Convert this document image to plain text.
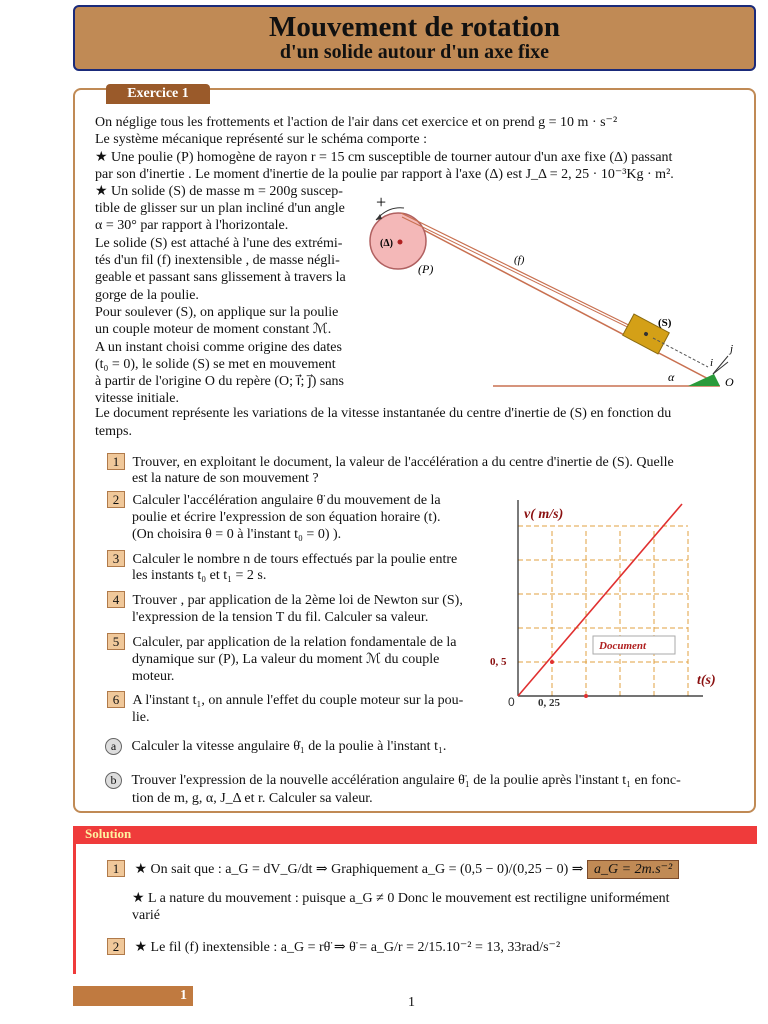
Mouvement de rotation
d'un solide autour d'un axe fixe
Exercice 1
On néglige tous les frottements et l'action de l'air dans cet exercice et on prend g = 10 m · s⁻²
Le système mécanique représenté sur le schéma comporte :
★ Une poulie (P) homogène de rayon r = 15 cm susceptible de tourner autour d'un axe fixe (Δ) passant
par son d'inertie . Le moment d'inertie de la poulie par rapport à l'axe (Δ) est J_Δ = 2, 25 · 10⁻³Kg · m².
★ Un solide (S) de masse m = 200g suscep-
tible de glisser sur un plan incliné d'un angle
α = 30° par rapport à l'horizontale.
Le solide (S) est attaché à l'une des extrémi-
tés d'un fil (f) inextensible , de masse négli-
geable et passant sans glissement à travers la
gorge de la poulie.
Pour soulever (S), on applique sur la poulie
un couple moteur de moment constant ℳ.
A un instant choisi comme origine des dates
(t₀ = 0), le solide (S) se met en mouvement
à partir de l'origine O du repère (O; i⃗; j⃗) sans
vitesse initiale.
+
(Δ)
(P)
(f)
(S)
α	O
i⃗
j⃗
Le document représente les variations de la vitesse instantanée du centre d'inertie de (S) en fonction du
temps.
1 Trouver, en exploitant le document, la valeur de l'accélération a du centre d'inertie de (S). Quelle
est la nature de son mouvement ?
2 Calculer l'accélération angulaire θ̈ du mouvement de la
poulie et écrire l'expression de son équation horaire (t).
(On choisira θ = 0 à l'instant t₀ = 0) ).
3 Calculer le nombre n de tours effectués par la poulie entre
les instants t₀ et t₁ = 2 s.
4 Trouver , par application de la 2ème loi de Newton sur (S),
l'expression de la tension T du fil. Calculer sa valeur.
5 Calculer, par application de la relation fondamentale de la
dynamique sur (P), La valeur du moment ℳ du couple
moteur.
6 A l'instant t₁, on annule l'effet du couple moteur sur la pou-
lie.
a Calculer la vitesse angulaire θ̇₁ de la poulie à l'instant t₁.
b Trouver l'expression de la nouvelle accélération angulaire θ̈₁ de la poulie après l'instant t₁ en fonc-
tion de m, g, α, J_Δ et r. Calculer sa valeur.
v( m/s)
t(s)
0, 5
0, 25
0
Document
Solution
1 ★ On sait que : a_G = dV_G/dt ⇒ Graphiquement a_G = (0,5 − 0)/(0,25 − 0) ⇒ a_G = 2m.s⁻²
★ L a nature du mouvement : puisque a_G ≠ 0 Donc le mouvement est rectiligne uniformément
varié
2 ★ Le fil (f) inextensible : a_G = rθ̈ ⇒ θ̈ = a_G/r = 2/15.10⁻² = 13, 33rad/s⁻²
1	1
